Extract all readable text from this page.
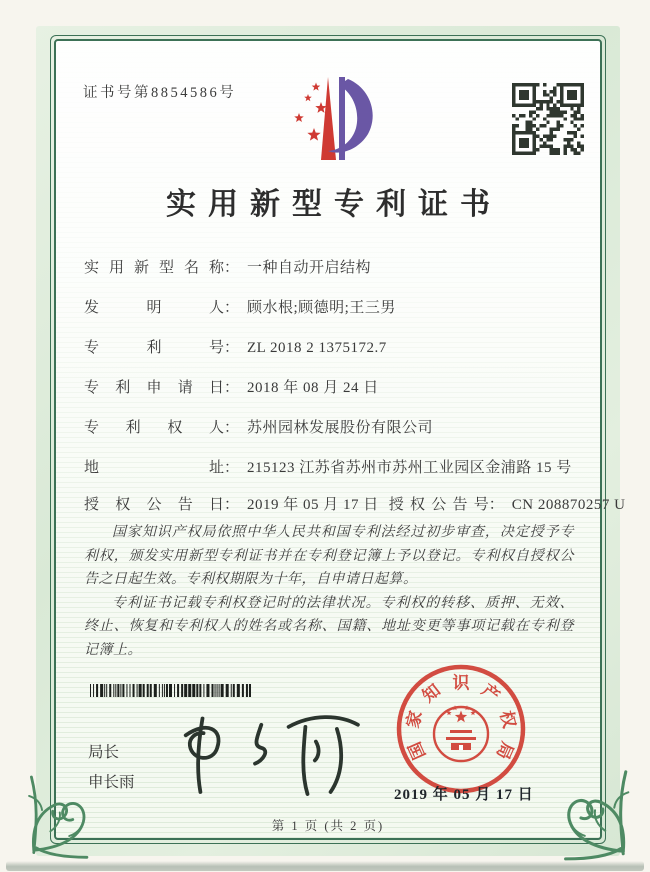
证书号第8854586号
实用新型专利证书
实用新型名称： 一种自动开启结构
发明人： 顾水根;顾德明;王三男
专利号： ZL 2018 2 1375172.7
专利申请日： 2018 年 08 月 24 日
专利权人： 苏州园林发展股份有限公司
地址： 215123 江苏省苏州市苏州工业园区金浦路 15 号
授权公告日： 2019 年 05 月 17 日 授权公告号： CN 208870257 U

国家知识产权局依照中华人民共和国专利法经过初步审查，决定授予专利权，颁发实用新型专利证书并在专利登记簿上予以登记。专利权自授权公告之日起生效。专利权期限为十年，自申请日起算。

专利证书记载专利权登记时的法律状况。专利权的转移、质押、无效、终止、恢复和专利权人的姓名或名称、国籍、地址变更等事项记载在专利登记簿上。

局长
申长雨
国
家
知 识 产
权
局
2019 年 05 月 17 日
第 1 页 (共 2 页)
